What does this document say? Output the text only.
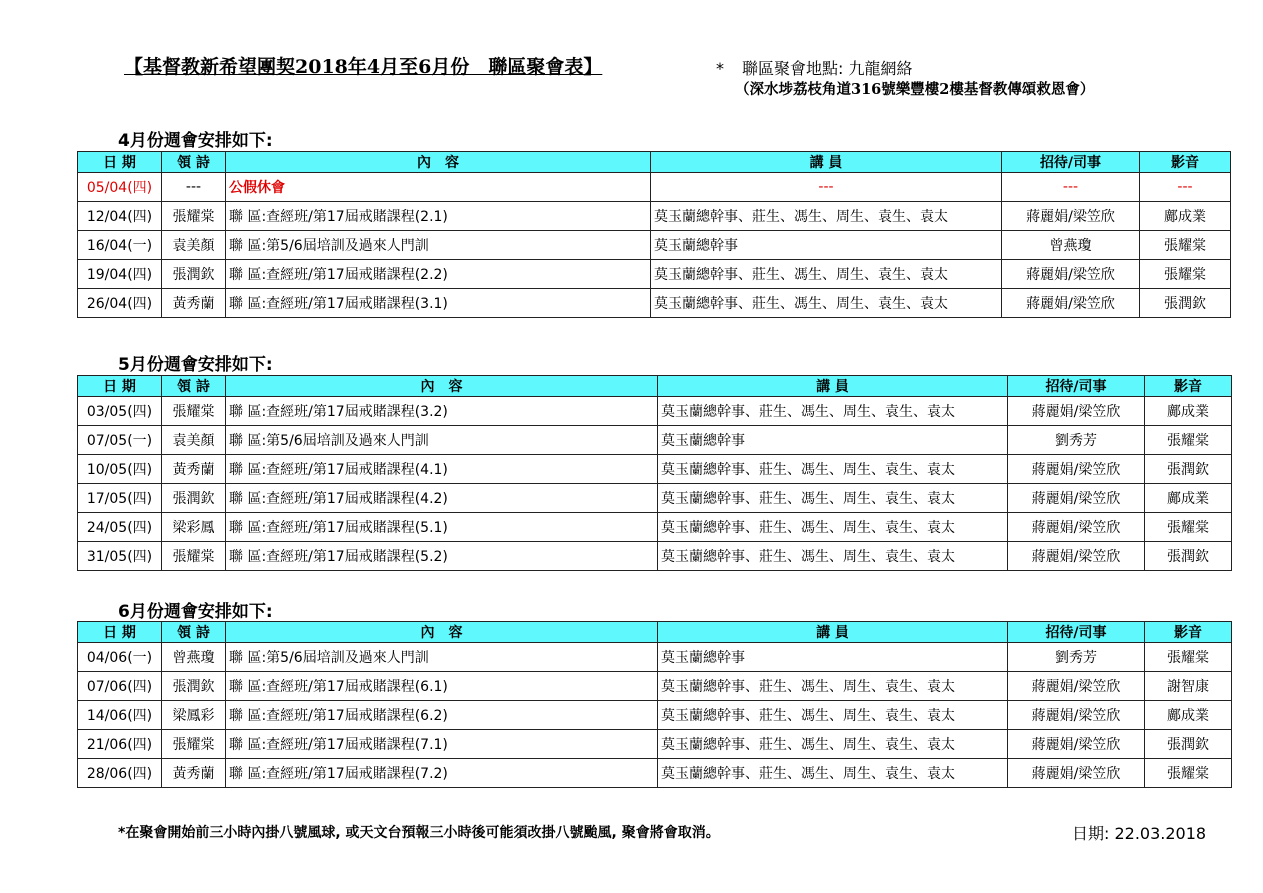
【基督教新希望團契2018年4月至6月份　聯區聚會表】	* 聯區聚會地點: 九龍網絡
（深水埗荔枝角道316號樂豐樓2樓基督教傳頌救恩會）
4月份週會安排如下:
日 期	領 詩	內　容	講 員	招待/司事	影音
05/04(四)	---	公假休會	---	---	---
12/04(四)	張耀棠	聯 區:查經班/第17屆戒賭課程(2.1)	莫玉蘭總幹事、莊生、馮生、周生、袁生、袁太	蔣麗娟/梁笠欣	鄺成業
16/04(一)	袁美顏	聯 區:第5/6屆培訓及過來人門訓	莫玉蘭總幹事	曾燕瓊	張耀棠
19/04(四)	張潤欽	聯 區:查經班/第17屆戒賭課程(2.2)	莫玉蘭總幹事、莊生、馮生、周生、袁生、袁太	蔣麗娟/梁笠欣	張耀棠
26/04(四)	黃秀蘭	聯 區:查經班/第17屆戒賭課程(3.1)	莫玉蘭總幹事、莊生、馮生、周生、袁生、袁太	蔣麗娟/梁笠欣	張潤欽
5月份週會安排如下:
日 期	領 詩	內　容	講 員	招待/司事	影音
03/05(四)	張耀棠	聯 區:查經班/第17屆戒賭課程(3.2)	莫玉蘭總幹事、莊生、馮生、周生、袁生、袁太	蔣麗娟/梁笠欣	鄺成業
07/05(一)	袁美顏	聯 區:第5/6屆培訓及過來人門訓	莫玉蘭總幹事	劉秀芳	張耀棠
10/05(四)	黃秀蘭	聯 區:查經班/第17屆戒賭課程(4.1)	莫玉蘭總幹事、莊生、馮生、周生、袁生、袁太	蔣麗娟/梁笠欣	張潤欽
17/05(四)	張潤欽	聯 區:查經班/第17屆戒賭課程(4.2)	莫玉蘭總幹事、莊生、馮生、周生、袁生、袁太	蔣麗娟/梁笠欣	鄺成業
24/05(四)	梁彩鳳	聯 區:查經班/第17屆戒賭課程(5.1)	莫玉蘭總幹事、莊生、馮生、周生、袁生、袁太	蔣麗娟/梁笠欣	張耀棠
31/05(四)	張耀棠	聯 區:查經班/第17屆戒賭課程(5.2)	莫玉蘭總幹事、莊生、馮生、周生、袁生、袁太	蔣麗娟/梁笠欣	張潤欽
6月份週會安排如下:
日 期	領 詩	內　容	講 員	招待/司事	影音
04/06(一)	曾燕瓊	聯 區:第5/6屆培訓及過來人門訓	莫玉蘭總幹事	劉秀芳	張耀棠
07/06(四)	張潤欽	聯 區:查經班/第17屆戒賭課程(6.1)	莫玉蘭總幹事、莊生、馮生、周生、袁生、袁太	蔣麗娟/梁笠欣	謝智康
14/06(四)	梁鳳彩	聯 區:查經班/第17屆戒賭課程(6.2)	莫玉蘭總幹事、莊生、馮生、周生、袁生、袁太	蔣麗娟/梁笠欣	鄺成業
21/06(四)	張耀棠	聯 區:查經班/第17屆戒賭課程(7.1)	莫玉蘭總幹事、莊生、馮生、周生、袁生、袁太	蔣麗娟/梁笠欣	張潤欽
28/06(四)	黃秀蘭	聯 區:查經班/第17屆戒賭課程(7.2)	莫玉蘭總幹事、莊生、馮生、周生、袁生、袁太	蔣麗娟/梁笠欣	張耀棠
*在聚會開始前三小時內掛八號風球, 或天文台預報三小時後可能須改掛八號颱風, 聚會將會取消。	日期: 22.03.2018
